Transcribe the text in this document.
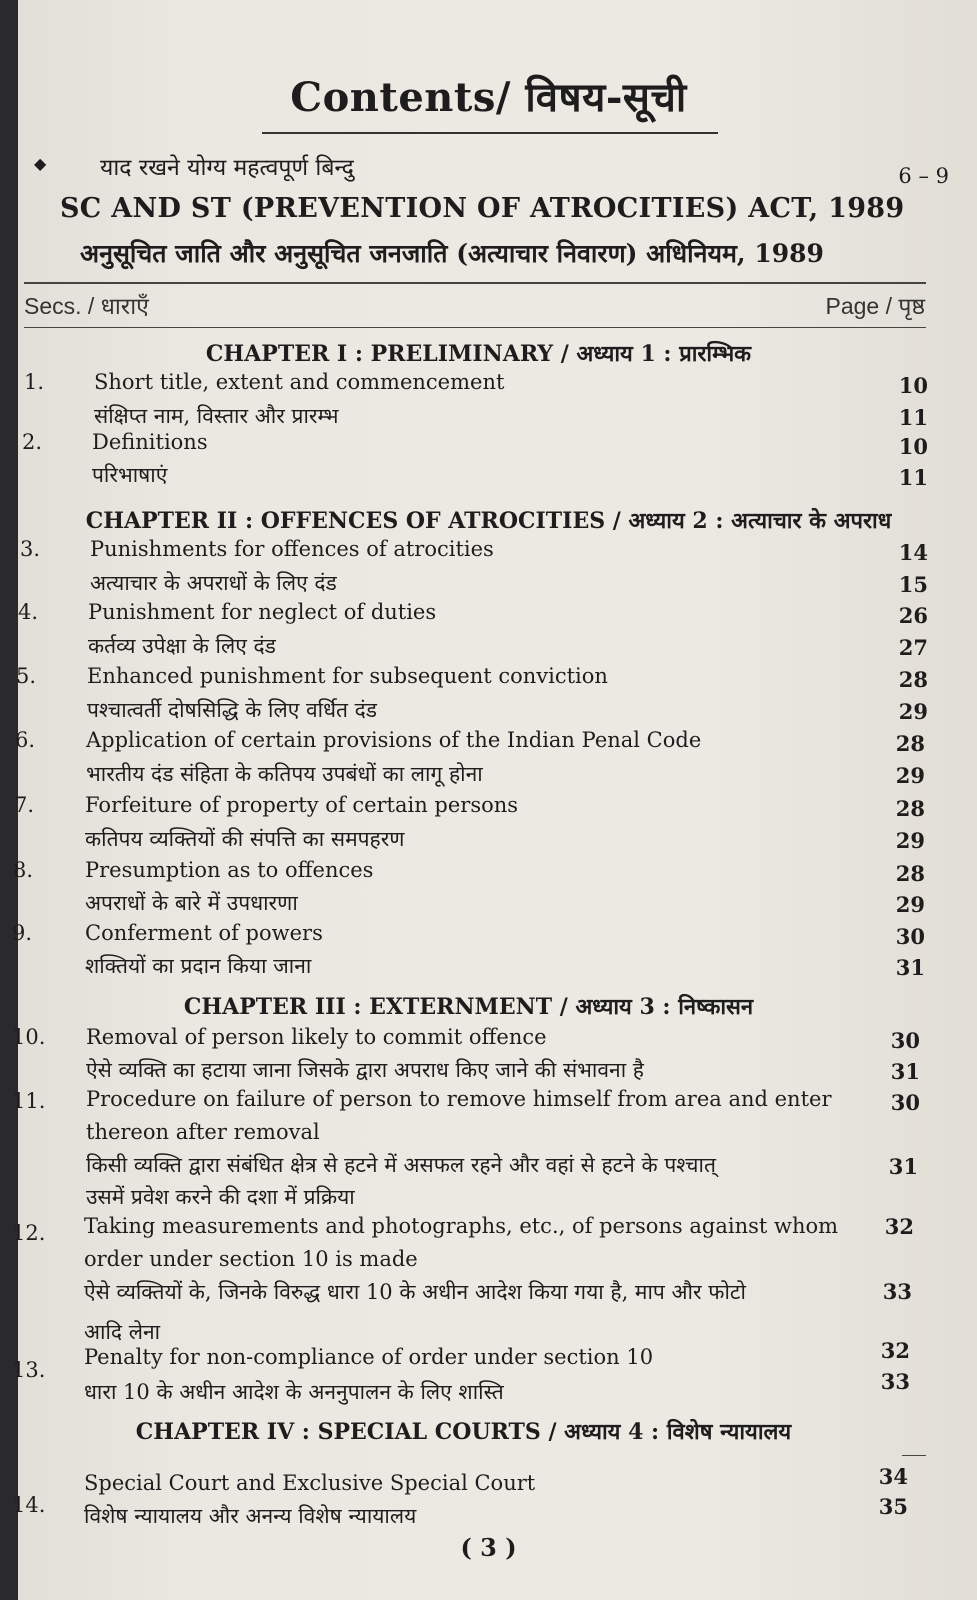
Contents/ विषय-सूची
◆ याद रखने योग्य महत्वपूर्ण बिन्दु	6 – 9
SC AND ST (PREVENTION OF ATROCITIES) ACT, 1989
अनुसूचित जाति और अनुसूचित जनजाति (अत्याचार निवारण) अधिनियम, 1989
Secs. / धाराएँ	Page / पृष्ठ
CHAPTER I : PRELIMINARY / अध्याय 1 : प्रारम्भिक
1. Short title, extent and commencement	10
संक्षिप्त नाम, विस्तार और प्रारम्भ	11
2. Definitions	10
परिभाषाएं	11
CHAPTER II : OFFENCES OF ATROCITIES / अध्याय 2 : अत्याचार के अपराध
3. Punishments for offences of atrocities	14
अत्याचार के अपराधों के लिए दंड	15
4. Punishment for neglect of duties	26
कर्तव्य उपेक्षा के लिए दंड	27
5. Enhanced punishment for subsequent conviction	28
पश्चात्वर्ती दोषसिद्धि के लिए वर्धित दंड	29
6. Application of certain provisions of the Indian Penal Code	28
भारतीय दंड संहिता के कतिपय उपबंधों का लागू होना	29
7. Forfeiture of property of certain persons	28
कतिपय व्यक्तियों की संपत्ति का समपहरण	29
8. Presumption as to offences	28
अपराधों के बारे में उपधारणा	29
9.	Conferment of powers	30
शक्तियों का प्रदान किया जाना	31
CHAPTER III : EXTERNMENT / अध्याय 3 : निष्कासन
10. Removal of person likely to commit offence	30
ऐसे व्यक्ति का हटाया जाना जिसके द्वारा अपराध किए जाने की संभावना है	31
11. Procedure on failure of person to remove himself from area and enter	30
thereon after removal
किसी व्यक्ति द्वारा संबंधित क्षेत्र से हटने में असफल रहने और वहां से हटने के पश्चात्	31
उसमें प्रवेश करने की दशा में प्रक्रिया
12. Taking measurements and photographs, etc., of persons against whom	32
order under section 10 is made
ऐसे व्यक्तियों के, जिनके विरुद्ध धारा 10 के अधीन आदेश किया गया है, माप और फोटो	33
आदि लेना
13.
Penalty for non-compliance of order under section 10	32
धारा 10 के अधीन आदेश के अननुपालन के लिए शास्ति	33
CHAPTER IV : SPECIAL COURTS / अध्याय 4 : विशेष न्यायालय
14.
Special Court and Exclusive Special Court	34
विशेष न्यायालय और अनन्य विशेष न्यायालय	35
( 3 )
